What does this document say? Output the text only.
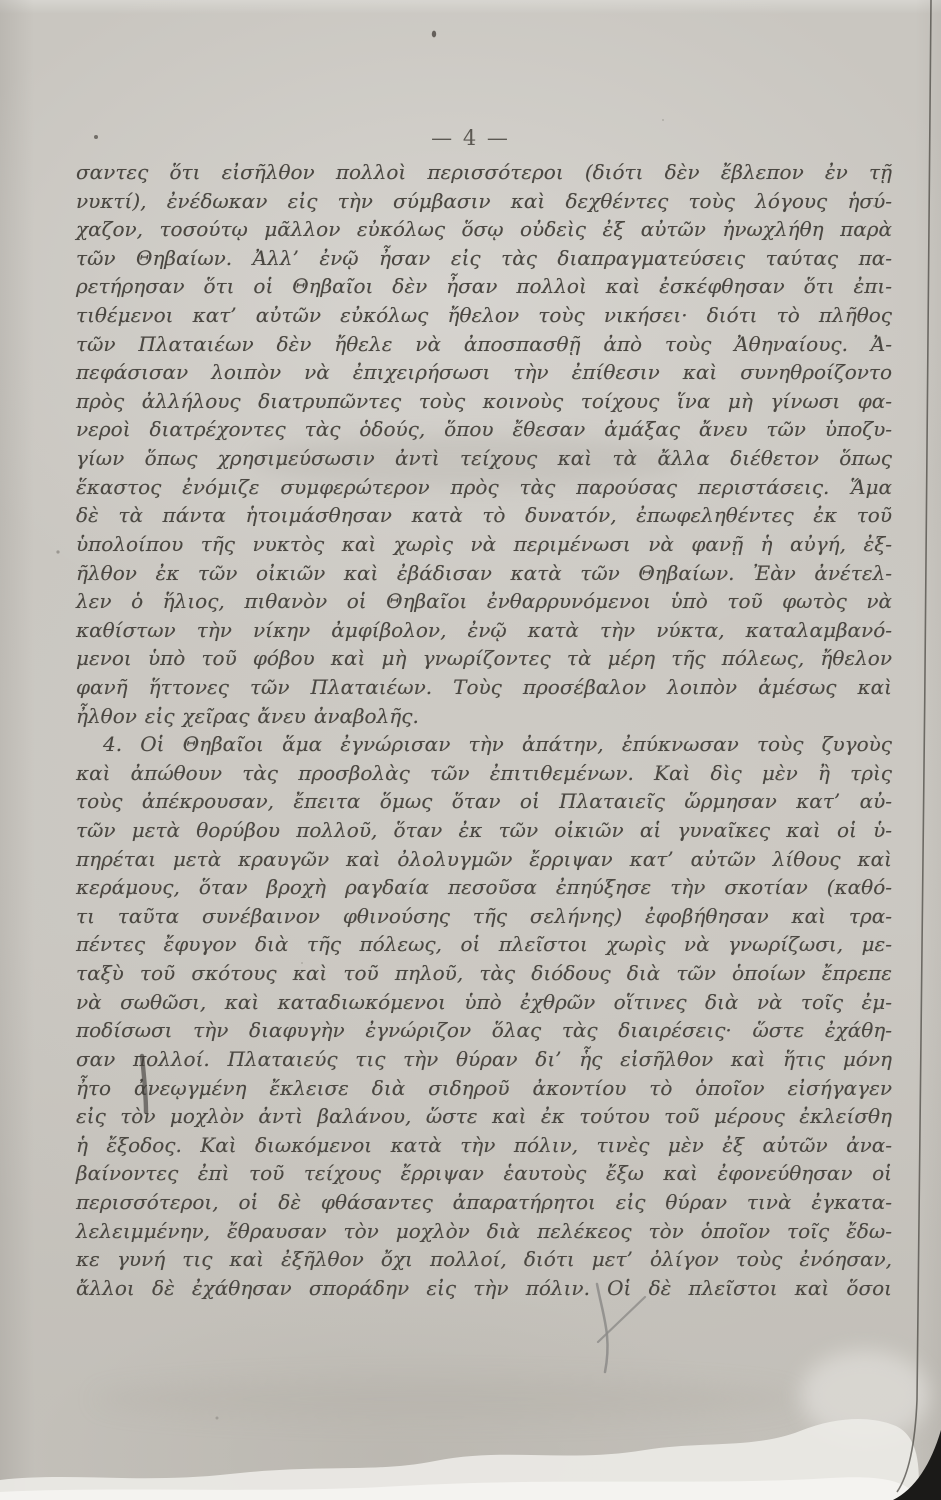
— 4 —
σαντες ὅτι εἰσῆλθον πολλοὶ περισσότεροι (διότι δὲν ἔβλεπον ἐν τῇ
νυκτί), ἐνέδωκαν εἰς τὴν σύμβασιν καὶ δεχθέντες τοὺς λόγους ἡσύ-
χαζον, τοσούτῳ μᾶλλον εὐκόλως ὅσῳ οὐδεὶς ἐξ αὐτῶν ἠνωχλήθη παρὰ
τῶν Θηβαίων. Ἀλλ’ ἐνῷ ἦσαν εἰς τὰς διαπραγματεύσεις ταύτας πα-
ρετήρησαν ὅτι οἱ Θηβαῖοι δὲν ἦσαν πολλοὶ καὶ ἐσκέφθησαν ὅτι ἐπι-
τιθέμενοι κατ’ αὐτῶν εὐκόλως ἤθελον τοὺς νικήσει· διότι τὸ πλῆθος
τῶν Πλαταιέων δὲν ἤθελε νὰ ἀποσπασθῇ ἀπὸ τοὺς Ἀθηναίους. Ἀ-
πεφάσισαν λοιπὸν νὰ ἐπιχειρήσωσι τὴν ἐπίθεσιν καὶ συνηθροίζοντο
πρὸς ἀλλήλους διατρυπῶντες τοὺς κοινοὺς τοίχους ἵνα μὴ γίνωσι φα-
νεροὶ διατρέχοντες τὰς ὁδούς, ὅπου ἔθεσαν ἁμάξας ἄνευ τῶν ὑποζυ-
γίων ὅπως χρησιμεύσωσιν ἀντὶ τείχους καὶ τὰ ἄλλα διέθετον ὅπως
ἕκαστος ἐνόμιζε συμφερώτερον πρὸς τὰς παρούσας περιστάσεις. Ἅμα
δὲ τὰ πάντα ἡτοιμάσθησαν κατὰ τὸ δυνατόν, ἐπωφεληθέντες ἐκ τοῦ
ὑπολοίπου τῆς νυκτὸς καὶ χωρὶς νὰ περιμένωσι νὰ φανῇ ἡ αὐγή, ἐξ-
ῆλθον ἐκ τῶν οἰκιῶν καὶ ἐβάδισαν κατὰ τῶν Θηβαίων. Ἐὰν ἀνέτελ-
λεν ὁ ἥλιος, πιθανὸν οἱ Θηβαῖοι ἐνθαρρυνόμενοι ὑπὸ τοῦ φωτὸς νὰ
καθίστων τὴν νίκην ἀμφίβολον, ἐνῷ κατὰ τὴν νύκτα, καταλαμβανό-
μενοι ὑπὸ τοῦ φόβου καὶ μὴ γνωρίζοντες τὰ μέρη τῆς πόλεως, ἤθελον
φανῆ ἥττονες τῶν Πλαταιέων. Τοὺς προσέβαλον λοιπὸν ἀμέσως καὶ
ἦλθον εἰς χεῖρας ἄνευ ἀναβολῆς.
4. Οἱ Θηβαῖοι ἅμα ἐγνώρισαν τὴν ἀπάτην, ἐπύκνωσαν τοὺς ζυγοὺς
καὶ ἀπώθουν τὰς προσβολὰς τῶν ἐπιτιθεμένων. Καὶ δὶς μὲν ἢ τρὶς
τοὺς ἀπέκρουσαν, ἔπειτα ὅμως ὅταν οἱ Πλαταιεῖς ὥρμησαν κατ’ αὐ-
τῶν μετὰ θορύβου πολλοῦ, ὅταν ἐκ τῶν οἰκιῶν αἱ γυναῖκες καὶ οἱ ὑ-
πηρέται μετὰ κραυγῶν καὶ ὀλολυγμῶν ἔρριψαν κατ’ αὐτῶν λίθους καὶ
κεράμους, ὅταν βροχὴ ραγδαία πεσοῦσα ἐπηύξησε τὴν σκοτίαν (καθό-
τι ταῦτα συνέβαινον φθινούσης τῆς σελήνης) ἐφοβήθησαν καὶ τρα-
πέντες ἔφυγον διὰ τῆς πόλεως, οἱ πλεῖστοι χωρὶς νὰ γνωρίζωσι, με-
ταξὺ τοῦ σκότους καὶ τοῦ πηλοῦ, τὰς διόδους διὰ τῶν ὁποίων ἔπρεπε
νὰ σωθῶσι, καὶ καταδιωκόμενοι ὑπὸ ἐχθρῶν οἵτινες διὰ νὰ τοῖς ἐμ-
ποδίσωσι τὴν διαφυγὴν ἐγνώριζον ὅλας τὰς διαιρέσεις· ὥστε ἐχάθη-
σαν πολλοί. Πλαταιεύς τις τὴν θύραν δι’ ἧς εἰσῆλθον καὶ ἥτις μόνη
ἦτο ἀνεῳγμένη ἔκλεισε διὰ σιδηροῦ ἀκοντίου τὸ ὁποῖον εἰσήγαγεν
εἰς τὸν μοχλὸν ἀντὶ βαλάνου, ὥστε καὶ ἐκ τούτου τοῦ μέρους ἐκλείσθη
ἡ ἔξοδος. Καὶ διωκόμενοι κατὰ τὴν πόλιν, τινὲς μὲν ἐξ αὐτῶν ἀνα-
βαίνοντες ἐπὶ τοῦ τείχους ἔρριψαν ἑαυτοὺς ἔξω καὶ ἐφονεύθησαν οἱ
περισσότεροι, οἱ δὲ φθάσαντες ἀπαρατήρητοι εἰς θύραν τινὰ ἐγκατα-
λελειμμένην, ἔθραυσαν τὸν μοχλὸν διὰ πελέκεος τὸν ὁποῖον τοῖς ἔδω-
κε γυνή τις καὶ ἐξῆλθον ὄχι πολλοί, διότι μετ’ ὀλίγον τοὺς ἐνόησαν,
ἄλλοι δὲ ἐχάθησαν σποράδην εἰς τὴν πόλιν. Οἱ δὲ πλεῖστοι καὶ ὅσοι
